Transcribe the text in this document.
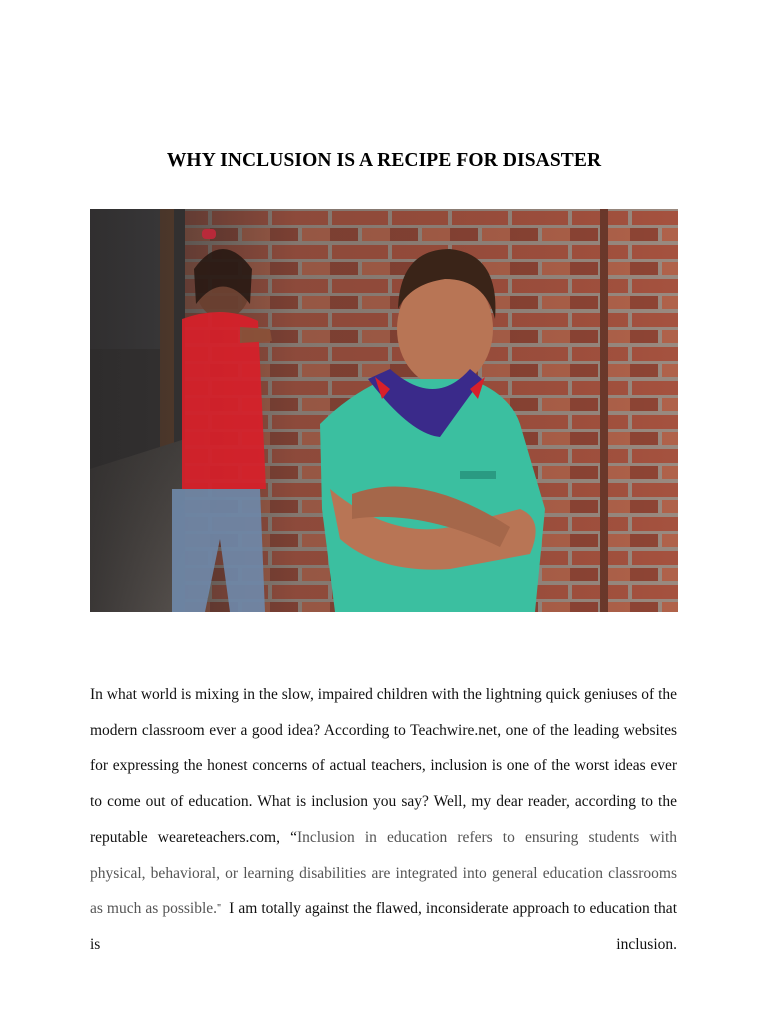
WHY INCLUSION IS A RECIPE FOR DISASTER
In what world is mixing in the slow, impaired children with the lightning quick geniuses of the modern classroom ever a good idea? According to Teachwire.net, one of the leading websites for expressing the honest concerns of actual teachers, inclusion is one of the worst ideas ever to come out of education. What is inclusion you say? Well, my dear reader, according to the reputable weareteachers.com, “Inclusion in education refers to ensuring students with physical, behavioral, or learning disabilities are integrated into general education classrooms as much as possible."  I am totally against the flawed, inconsiderate approach to education that is inclusion.
